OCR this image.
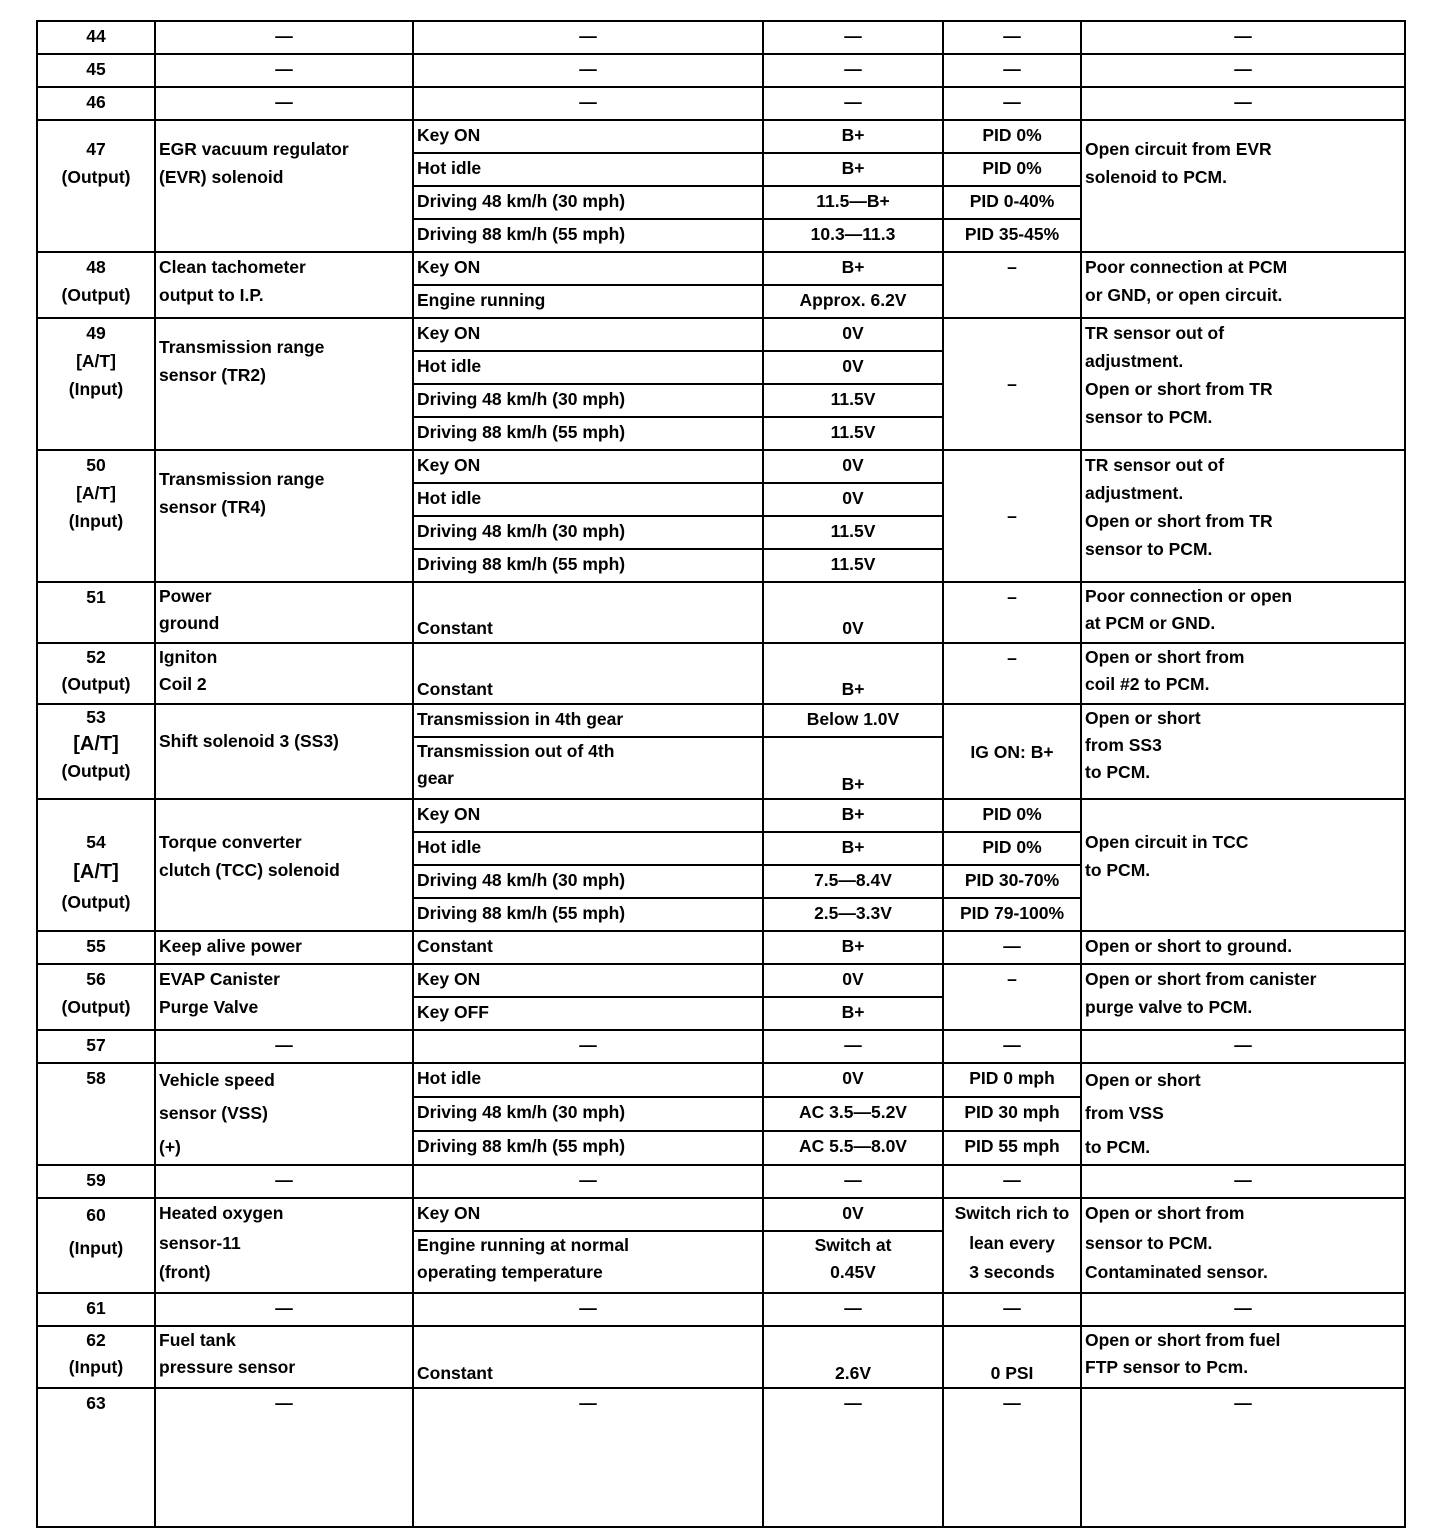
44	—	—	—	—	—
45	—	—	—	—	—
46	—	—	—	—	—

47
(Output)	EGR vacuum regulator
(EVR) solenoid	Key ON	B+	PID 0%	Open circuit from EVR
solenoid to PCM.

		Hot idle	B+	PID 0%	
		Driving 48 km/h (30 mph)	11.5—B+	PID 0-40%	
		Driving 88 km/h (55 mph)	10.3—11.3	PID 35-45%	

48
(Output)	Clean tachometer
output to I.P.	Key ON	B+	–	Poor connection at PCM
or GND, or open circuit.

		Engine running	Approx. 6.2V		

49
[A/T]
(Input)	Transmission range
sensor (TR2)	Key ON	0V	–	TR sensor out of
adjustment.
Open or short from TR
sensor to PCM.

		Hot idle	0V		
		Driving 48 km/h (30 mph)	11.5V		
		Driving 88 km/h (55 mph)	11.5V		

50
[A/T]
(Input)	Transmission range
sensor (TR4)	Key ON	0V	–	TR sensor out of
adjustment.
Open or short from TR
sensor to PCM.

		Hot idle	0V		
		Driving 48 km/h (30 mph)	11.5V		
		Driving 88 km/h (55 mph)	11.5V		

51	Power
ground	Constant	0V	–	Poor connection or open
at PCM or GND.

52
(Output)	Igniton
Coil 2	Constant	B+	–	Open or short from
coil #2 to PCM.

53
[A/T]
(Output)	Shift solenoid 3 (SS3)	Transmission in 4th gear	Below 1.0V	IG ON: B+	Open or short
from SS3
to PCM.

		Transmission out of 4th
gear	B+		

54
[A/T]
(Output)	Torque converter
clutch (TCC) solenoid	Key ON	B+	PID 0%	Open circuit in TCC
to PCM.

		Hot idle	B+	PID 0%	
		Driving 48 km/h (30 mph)	7.5—8.4V	PID 30-70%	
		Driving 88 km/h (55 mph)	2.5—3.3V	PID 79-100%	
55	Keep alive power	Constant	B+	—	Open or short to ground.

56
(Output)	EVAP Canister
Purge Valve	Key ON	0V	–	Open or short from canister
purge valve to PCM.

		Key OFF	B+		
57	—	—	—	—	—

58	Vehicle speed
sensor (VSS)
(+)	Hot idle	0V	PID 0 mph	Open or short
from VSS
to PCM.

		Driving 48 km/h (30 mph)	AC 3.5—5.2V	PID 30 mph	
		Driving 88 km/h (55 mph)	AC 5.5—8.0V	PID 55 mph	
59	—	—	—	—	—

60
(Input)	Heated oxygen
sensor-11
(front)	Key ON	0V	Switch rich to
lean every
3 seconds	Open or short from
sensor to PCM.
Contaminated sensor.

		Engine running at normal
operating temperature	Switch at
0.45V		

61	—	—	—	—	—

62
(Input)	Fuel tank
pressure sensor	Constant	2.6V	0 PSI	Open or short from fuel
FTP sensor to Pcm.

63	—	—	—	—	—
